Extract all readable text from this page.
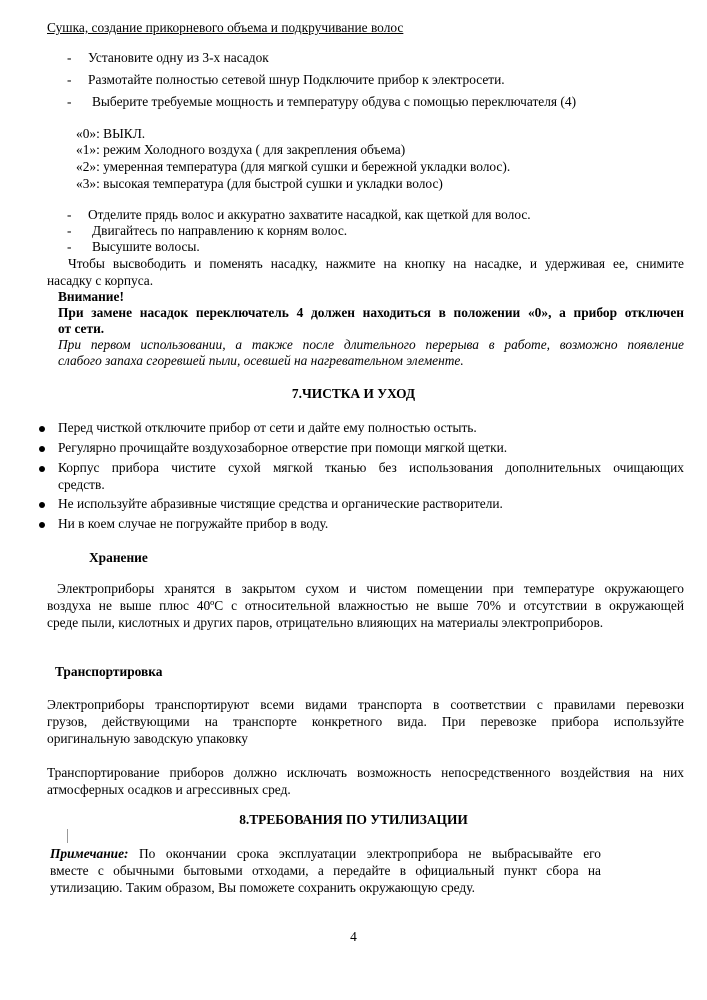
Сушка, создание прикорневого объема и подкручивание волос
- Установите одну из 3-х насадок
- Размотайте полностью сетевой шнур Подключите прибор к электросети.
- Выберите требуемые мощность и температуру обдува с помощью переключателя (4)
«0»: ВЫКЛ.
«1»: режим Холодного воздуха ( для закрепления объема)
«2»: умеренная температура (для мягкой сушки и бережной укладки волос).
«3»: высокая температура (для быстрой сушки и укладки волос)
- Отделите прядь волос и аккуратно захватите насадкой, как щеткой для волос.
- Двигайтесь по направлению к корням волос.
- Высушите волосы.
Чтобы высвободить и поменять насадку, нажмите на кнопку на насадке, и удерживая ее, снимите
насадку с корпуса.
Внимание!
При замене насадок переключатель 4 должен находиться в положении «0», а прибор отключен
от сети.
При первом использовании, а также после длительного перерыва в работе, возможно появление
слабого запаха сгоревшей пыли, осевшей на нагревательном элементе.
7.ЧИСТКА И УХОД
Перед чисткой отключите прибор от сети и дайте ему полностью остыть.
Регулярно прочищайте воздухозаборное отверстие при помощи мягкой щетки.
Корпус прибора чистите сухой мягкой тканью без использования дополнительных очищающих
средств.
Не используйте абразивные чистящие средства и органические растворители.
Ни в коем случае не погружайте прибор в воду.
Хранение
Электроприборы хранятся в закрытом сухом и чистом помещении при температуре окружающего
воздуха не выше плюс 40ºС с относительной влажностью не выше 70% и отсутствии в окружающей
среде пыли, кислотных и других паров, отрицательно влияющих на материалы электроприборов.
Транспортировка
Электроприборы транспортируют всеми видами транспорта в соответствии с правилами перевозки
грузов, действующими на транспорте конкретного вида. При перевозке прибора используйте
оригинальную заводскую упаковку
Транспортирование приборов должно исключать возможность непосредственного воздействия на них
атмосферных осадков и агрессивных сред.
8.ТРЕБОВАНИЯ ПО УТИЛИЗАЦИИ
Примечание: По окончании срока эксплуатации электроприбора не выбрасывайте его
вместе с обычными бытовыми отходами, а передайте в официальный пункт сбора на
утилизацию. Таким образом, Вы поможете сохранить окружающую среду.
4
